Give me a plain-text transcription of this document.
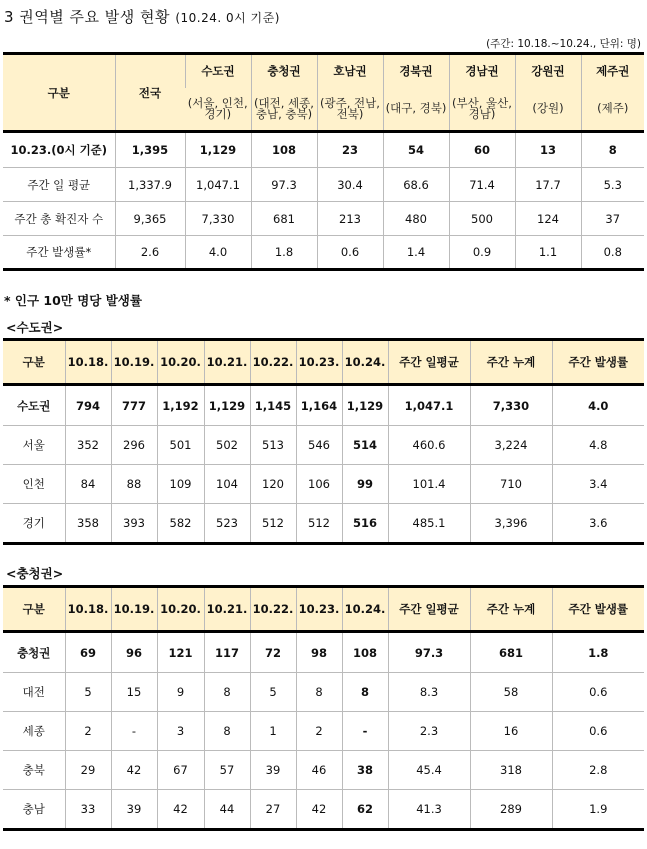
3 권역별 주요 발생 현황 (10.24. 0시 기준)
(주간: 10.18.~10.24., 단위: 명)
구분	전국	수도권	충청권	호남권	경북권	경남권	강원권	제주권
		(서울, 인천, 경기)	(대전, 세종, 충남, 충북)	(광주, 전남, 전북)	(대구, 경북)	(부산, 울산, 경남)	(강원)	(제주)
10.23.(0시 기준)	1,395	1,129	108	23	54	60	13	8
주간 일 평균	1,337.9	1,047.1	97.3	30.4	68.6	71.4	17.7	5.3
주간 총 확진자 수	9,365	7,330	681	213	480	500	124	37
주간 발생률*	2.6	4.0	1.8	0.6	1.4	0.9	1.1	0.8
* 인구 10만 명당 발생률
<수도권>
구분	10.18.	10.19.	10.20.	10.21.	10.22.	10.23.	10.24.	주간 일평균	주간 누계	주간 발생률
수도권	794	777	1,192	1,129	1,145	1,164	1,129	1,047.1	7,330	4.0
서울	352	296	501	502	513	546	514	460.6	3,224	4.8
인천	84	88	109	104	120	106	99	101.4	710	3.4
경기	358	393	582	523	512	512	516	485.1	3,396	3.6
<충청권>
구분	10.18.	10.19.	10.20.	10.21.	10.22.	10.23.	10.24.	주간 일평균	주간 누계	주간 발생률
충청권	69	96	121	117	72	98	108	97.3	681	1.8
대전	5	15	9	8	5	8	8	8.3	58	0.6
세종	2	-	3	8	1	2	-	2.3	16	0.6
충북	29	42	67	57	39	46	38	45.4	318	2.8
충남	33	39	42	44	27	42	62	41.3	289	1.9
